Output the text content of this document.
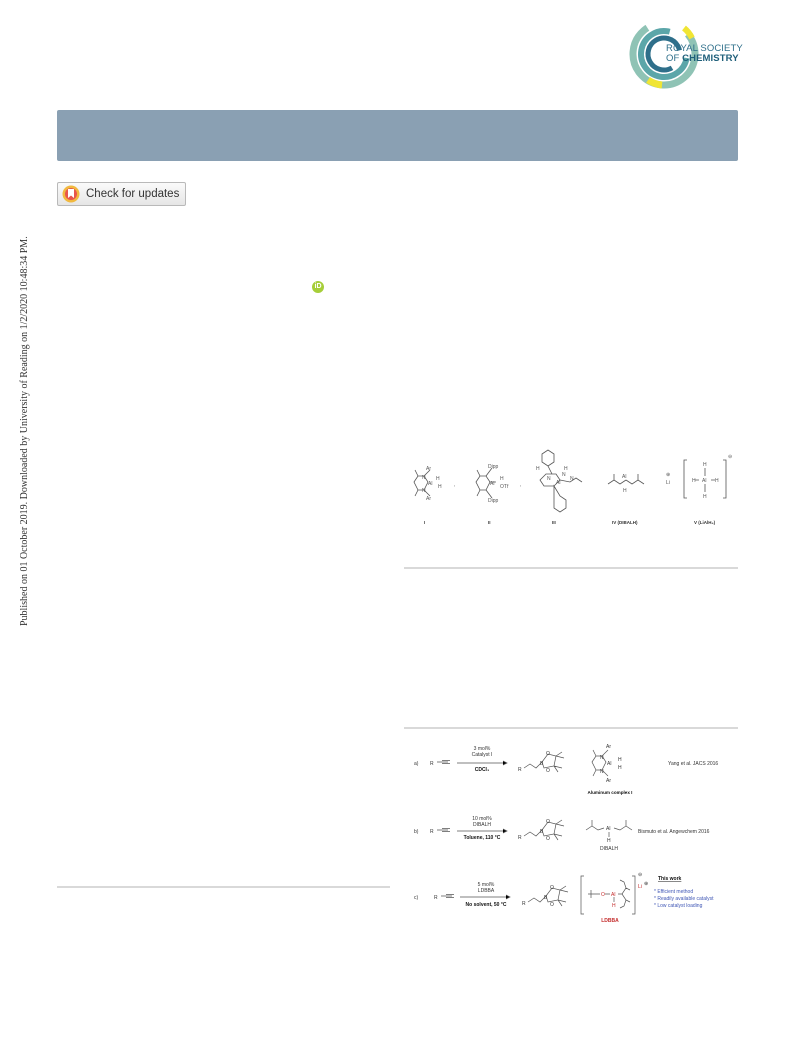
ROYAL SOCIETY
OF CHEMISTRY
Check for updates
Published on 01 October 2019. Downloaded by University of Reading on 1/2/2020 10:48:34 PM.	iD
Ar
Ar
N
N
Al
H
H ,
Dipp
Dipp
Al
H
OTf ,
H	H
N
N
Al
N	Al
H
⊕
Li
H
H Al H
H
⊖
I	II	III	IV (DIBALH)	V (LiAlH₄)
a) R
3 mol%
Catalyst I
CDCl₃	R
B
O
O
Ar
Ar
N
N
Al
H
H
Aluminum complex I
Yang et al. JACS 2016
b) R
10 mol%
DIBALH
Toluene, 110 °C	R
B
O
O
Al
H
DIBALH
Bismuto et al. Angewchem 2016
c)	R
5 mol%
LDBBA
No solvent, 50 °C	R
B
O
O
O Al
H
⊖
Li ⊕
LDBBA
This work
* Efficient method
* Readily available catalyst
* Low catalyst loading
